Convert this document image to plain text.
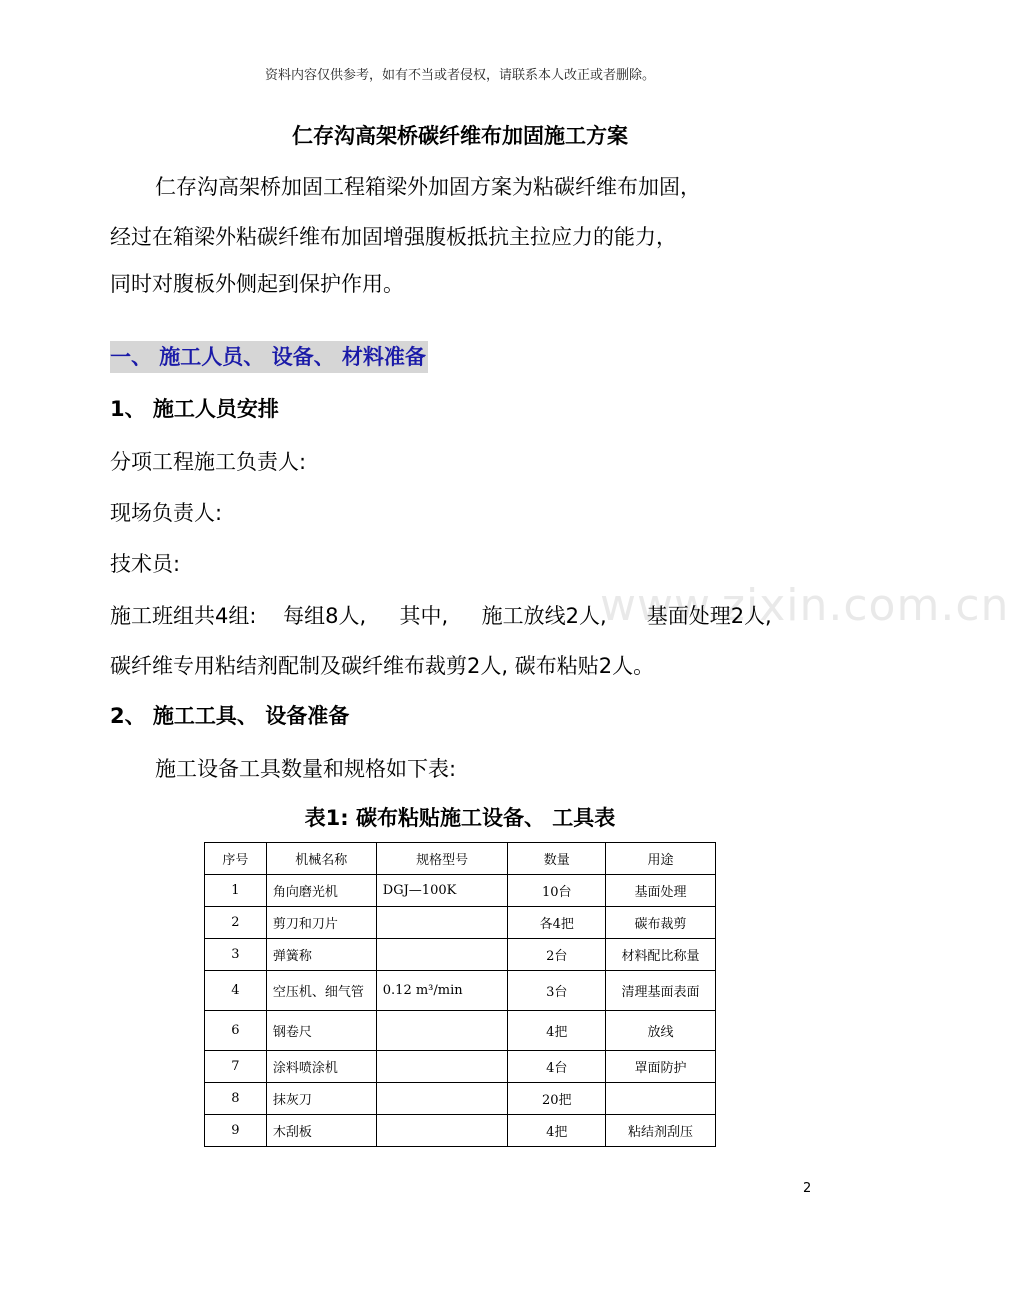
资料内容仅供参考，如有不当或者侵权，请联系本人改正或者删除。
仁存沟高架桥碳纤维布加固施工方案
仁存沟高架桥加固工程箱梁外加固方案为粘碳纤维布加固，
经过在箱梁外粘碳纤维布加固增强腹板抵抗主拉应力的能力，
同时对腹板外侧起到保护作用。
一、 施工人员、 设备、 材料准备
1、 施工人员安排
分项工程施工负责人:
现场负责人:
技术员:
www.zixin.com.cn
施工班组共4组:    每组8人,     其中,     施工放线2人,      基面处理2人,
碳纤维专用粘结剂配制及碳纤维布裁剪2人, 碳布粘贴2人。
2、 施工工具、 设备准备
施工设备工具数量和规格如下表:
表1: 碳布粘贴施工设备、 工具表
序号	机械名称	规格型号	数量	用途
1	角向磨光机	DGJ—100K	10台	基面处理
2	剪刀和刀片		各4把	碳布裁剪
3	弹簧称		2台	材料配比称量
4	空压机、细气管	0.12 m³/min	3台	清理基面表面
6	钢卷尺		4把	放线
7	涂料喷涂机		4台	罩面防护
8	抹灰刀		20把	
9	木刮板		4把	粘结剂刮压
2
